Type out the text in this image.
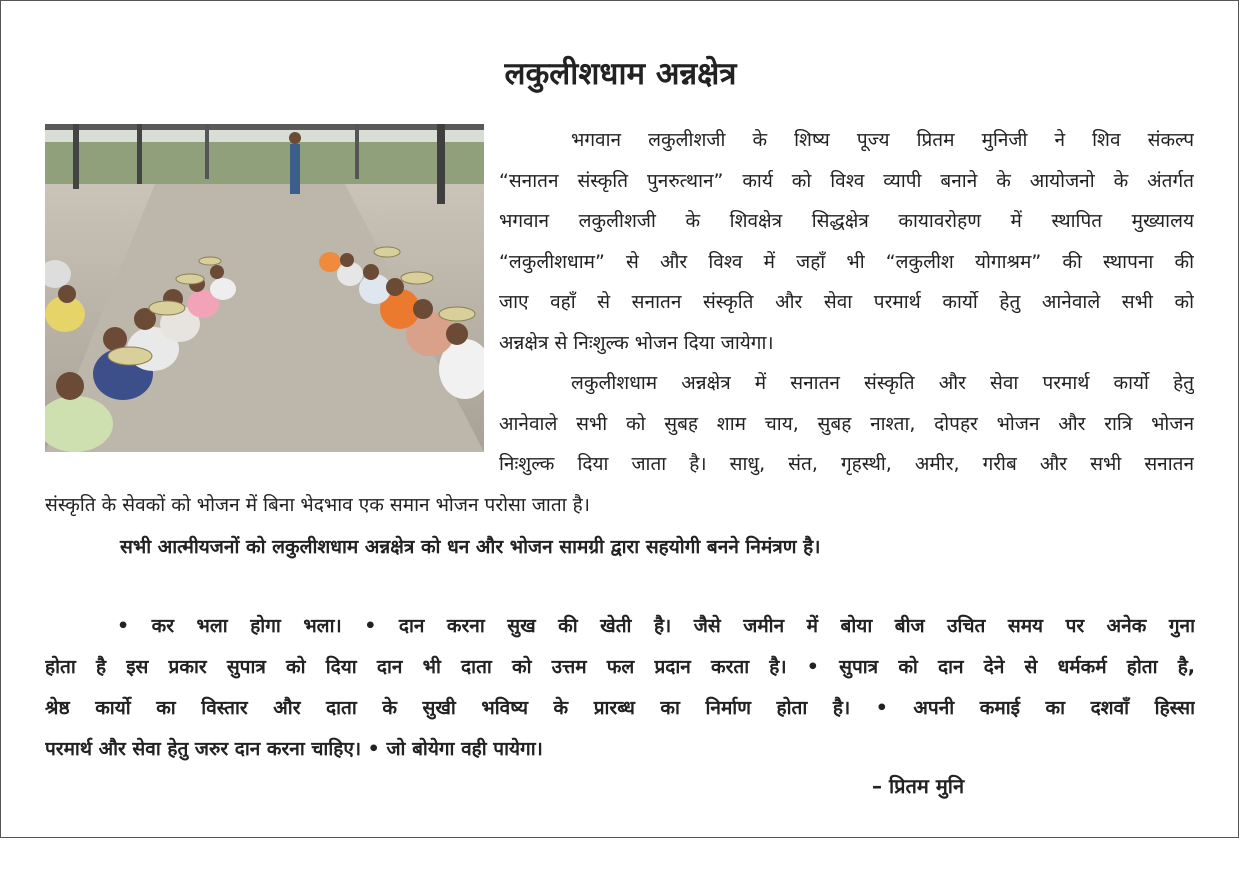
लकुलीशधाम अन्नक्षेत्र
भगवान लकुलीशजी के शिष्य पूज्य प्रितम मुनिजी ने शिव संकल्प
“सनातन संस्कृति पुनरुत्थान” कार्य को विश्व व्यापी बनाने के आयोजनो के अंतर्गत
भगवान लकुलीशजी के शिवक्षेत्र सिद्धक्षेत्र कायावरोहण में स्थापित मुख्यालय
“लकुलीशधाम” से और विश्व में जहाँ भी “लकुलीश योगाश्रम” की स्थापना की
जाए वहाँ से सनातन संस्कृति और सेवा परमार्थ कार्यो हेतु आनेवाले सभी को
अन्नक्षेत्र से निःशुल्क भोजन दिया जायेगा।
लकुलीशधाम अन्नक्षेत्र में सनातन संस्कृति और सेवा परमार्थ कार्यो हेतु
आनेवाले सभी को सुबह शाम चाय, सुबह नाश्ता, दोपहर भोजन और रात्रि भोजन
निःशुल्क दिया जाता है। साधु, संत, गृहस्थी, अमीर, गरीब और सभी सनातन
संस्कृति के सेवकों को भोजन में बिना भेदभाव एक समान भोजन परोसा जाता है।
सभी आत्मीयजनों को लकुलीशधाम अन्नक्षेत्र को धन और भोजन सामग्री द्वारा सहयोगी बनने निमंत्रण है।
• कर भला होगा भला। • दान करना सुख की खेती है। जैसे जमीन में बोया बीज उचित समय पर अनेक गुना
होता है इस प्रकार सुपात्र को दिया दान भी दाता को उत्तम फल प्रदान करता है। • सुपात्र को दान देने से धर्मकर्म होता है,
श्रेष्ठ कार्यो का विस्तार और दाता के सुखी भविष्य के प्रारब्ध का निर्माण होता है। • अपनी कमाई का दशवाँ हिस्सा
परमार्थ और सेवा हेतु जरुर दान करना चाहिए। • जो बोयेगा वही पायेगा।
– प्रितम मुनि
